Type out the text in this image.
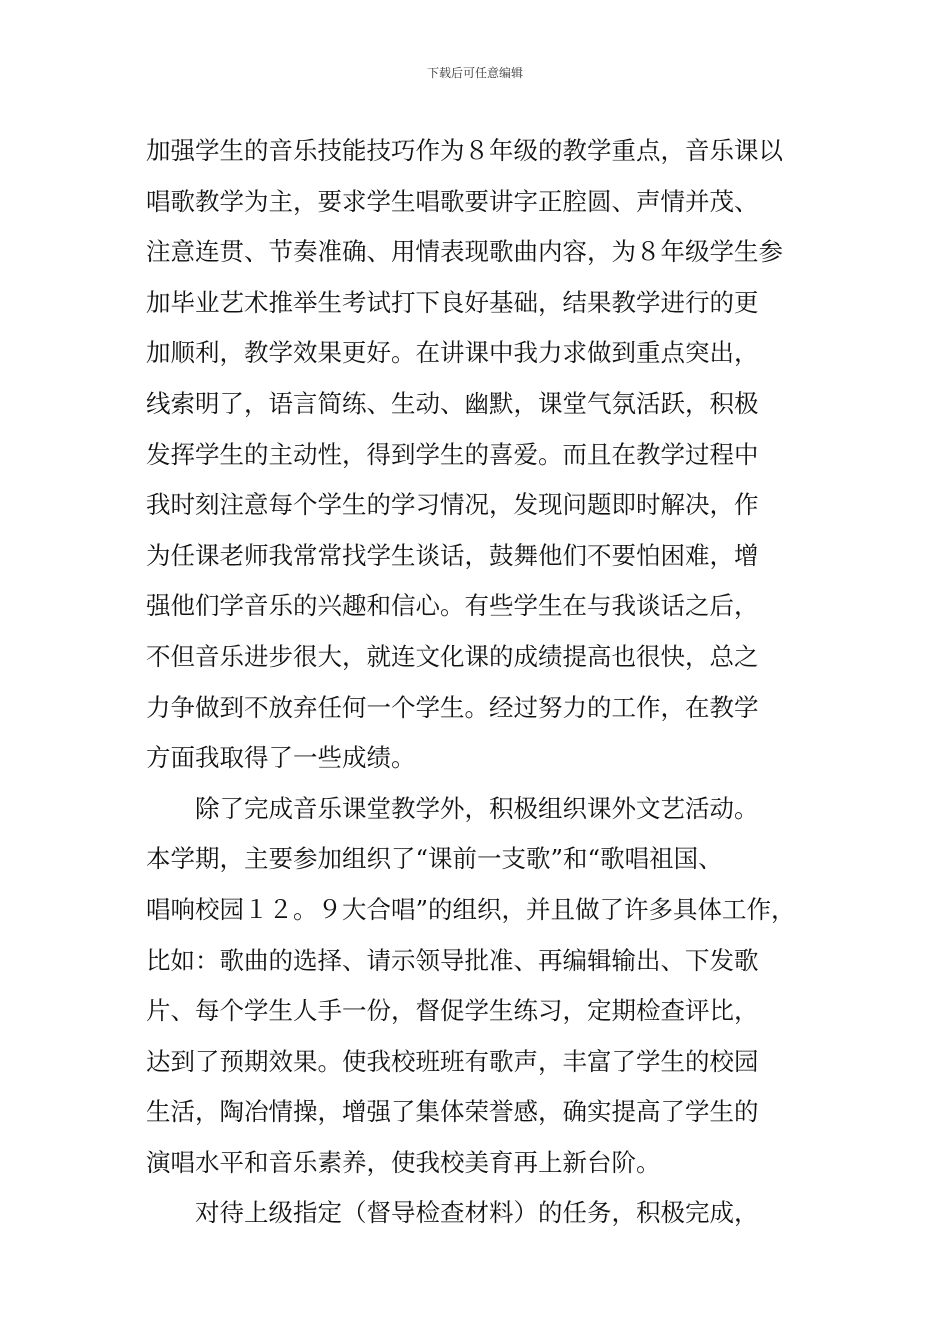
下载后可任意编辑
加强学生的音乐技能技巧作为８年级的教学重点，音乐课以
唱歌教学为主，要求学生唱歌要讲字正腔圆、声情并茂、
注意连贯、节奏准确、用情表现歌曲内容，为８年级学生参
加毕业艺术推举生考试打下良好基础，结果教学进行的更
加顺利，教学效果更好。在讲课中我力求做到重点突出，
线索明了，语言简练、生动、幽默，课堂气氛活跃，积极
发挥学生的主动性，得到学生的喜爱。而且在教学过程中
我时刻注意每个学生的学习情况，发现问题即时解决，作
为任课老师我常常找学生谈话，鼓舞他们不要怕困难，增
强他们学音乐的兴趣和信心。有些学生在与我谈话之后，
不但音乐进步很大，就连文化课的成绩提高也很快，总之
力争做到不放弃任何一个学生。经过努力的工作，在教学
方面我取得了一些成绩。
除了完成音乐课堂教学外，积极组织课外文艺活动。
本学期，主要参加组织了“课前一支歌”和“歌唱祖国、
唱响校园１２。９大合唱”的组织，并且做了许多具体工作，
比如：歌曲的选择、请示领导批准、再编辑输出、下发歌
片、每个学生人手一份，督促学生练习，定期检查评比，
达到了预期效果。使我校班班有歌声，丰富了学生的校园
生活，陶冶情操，增强了集体荣誉感，确实提高了学生的
演唱水平和音乐素养，使我校美育再上新台阶。
对待上级指定（督导检查材料）的任务，积极完成，
